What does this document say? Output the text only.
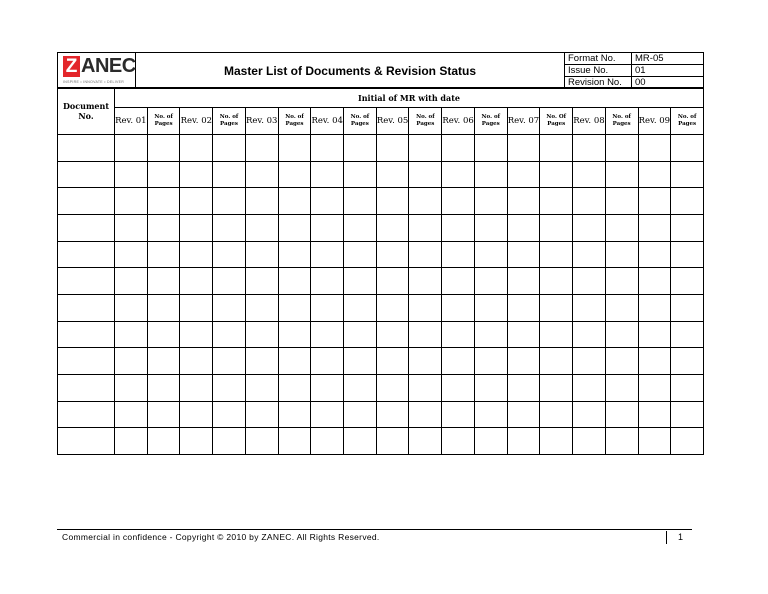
Z ANEC
INSPIRE • INNOVATE • DELIVER	Master List of Documents & Revision Status	Format No.	MR-05
		Issue No.	01
		Revision No.	00
Document No.	Initial of MR with date																	
	Rev. 01	No. of Pages	Rev. 02	No. of Pages	Rev. 03	No. of Pages	Rev. 04	No. of Pages	Rev. 05	No. of Pages	Rev. 06	No. of Pages	Rev. 07	No. Of Pages	Rev. 08	No. of Pages	Rev. 09	No. of Pages

Commercial in confidence - Copyright © 2010 by ZANEC. All Rights Reserved.	1
